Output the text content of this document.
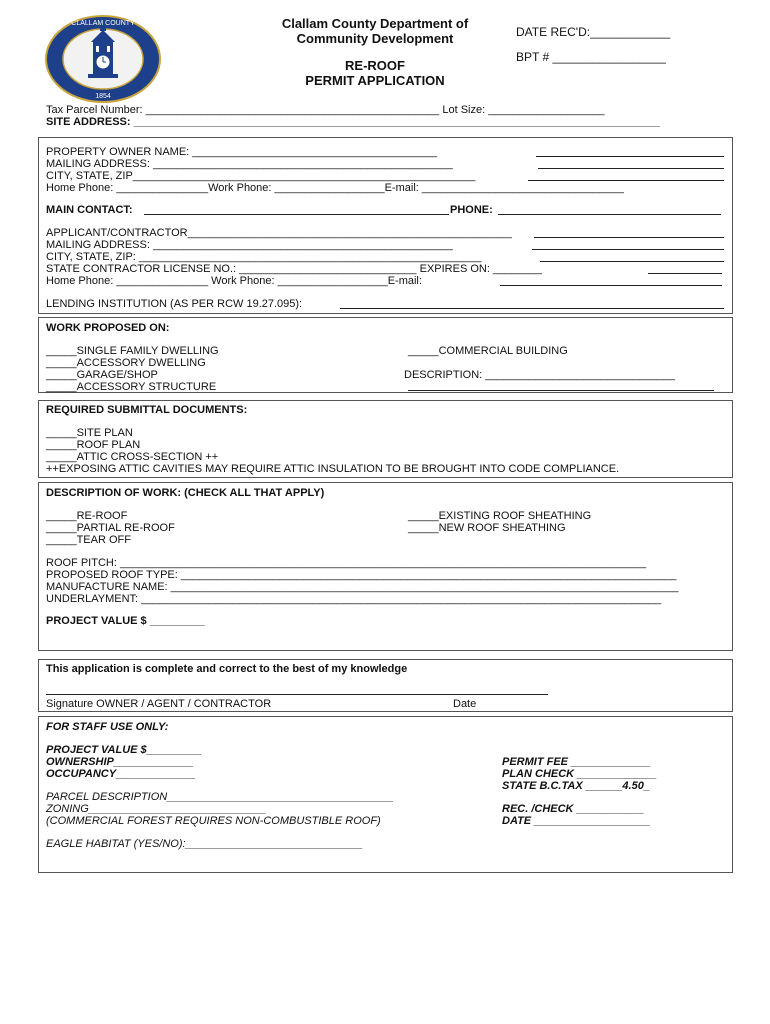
CLALLAM COUNTY
1854
Clallam County Department of
Community Development
RE-ROOF
PERMIT APPLICATION
DATE REC'D:____________
BPT # _________________
Tax Parcel Number: ________________________________________________ Lot Size: ___________________
SITE ADDRESS: ______________________________________________________________________________________
PROPERTY OWNER NAME: ________________________________________
MAILING ADDRESS: _________________________________________________
CITY, STATE, ZIP________________________________________________________
Home Phone: _______________Work Phone: __________________E-mail: _________________________________
MAIN CONTACT:	PHONE:
APPLICANT/CONTRACTOR_____________________________________________________
MAILING ADDRESS: _________________________________________________
CITY, STATE, ZIP: ________________________________________________________
STATE CONTRACTOR LICENSE NO.: _____________________________ EXPIRES ON: ________
Home Phone: _______________ Work Phone: __________________E-mail:
LENDING INSTITUTION (AS PER RCW 19.27.095):
WORK PROPOSED ON:
_____SINGLE FAMILY DWELLING
_____ACCESSORY DWELLING
_____GARAGE/SHOP
_____ACCESSORY STRUCTURE
_____COMMERCIAL BUILDING
DESCRIPTION: _______________________________
REQUIRED SUBMITTAL DOCUMENTS:
_____SITE PLAN
_____ROOF PLAN
_____ATTIC CROSS-SECTION ++
++EXPOSING ATTIC CAVITIES MAY REQUIRE ATTIC INSULATION TO BE BROUGHT INTO CODE COMPLIANCE.
DESCRIPTION OF WORK: (CHECK ALL THAT APPLY)
_____RE-ROOF
_____PARTIAL RE-ROOF
_____TEAR OFF
_____EXISTING ROOF SHEATHING
_____NEW ROOF SHEATHING
ROOF PITCH: ______________________________________________________________________________________
PROPOSED ROOF TYPE: _________________________________________________________________________________
MANUFACTURE NAME: ___________________________________________________________________________________
UNDERLAYMENT: _____________________________________________________________________________________
PROJECT VALUE $ _________
This application is complete and correct to the best of my knowledge
Signature OWNER / AGENT / CONTRACTOR	Date
FOR STAFF USE ONLY:
PROJECT VALUE $_________
OWNERSHIP_____________
OCCUPANCY_____________
PARCEL DESCRIPTION_____________________________________
ZONING_____________________________
(COMMERCIAL FOREST REQUIRES NON-COMBUSTIBLE ROOF)
EAGLE HABITAT (YES/NO):_____________________________
PERMIT FEE _____________
PLAN CHECK _____________
STATE B.C.TAX ______4.50_
REC. /CHECK ___________
DATE ___________________
